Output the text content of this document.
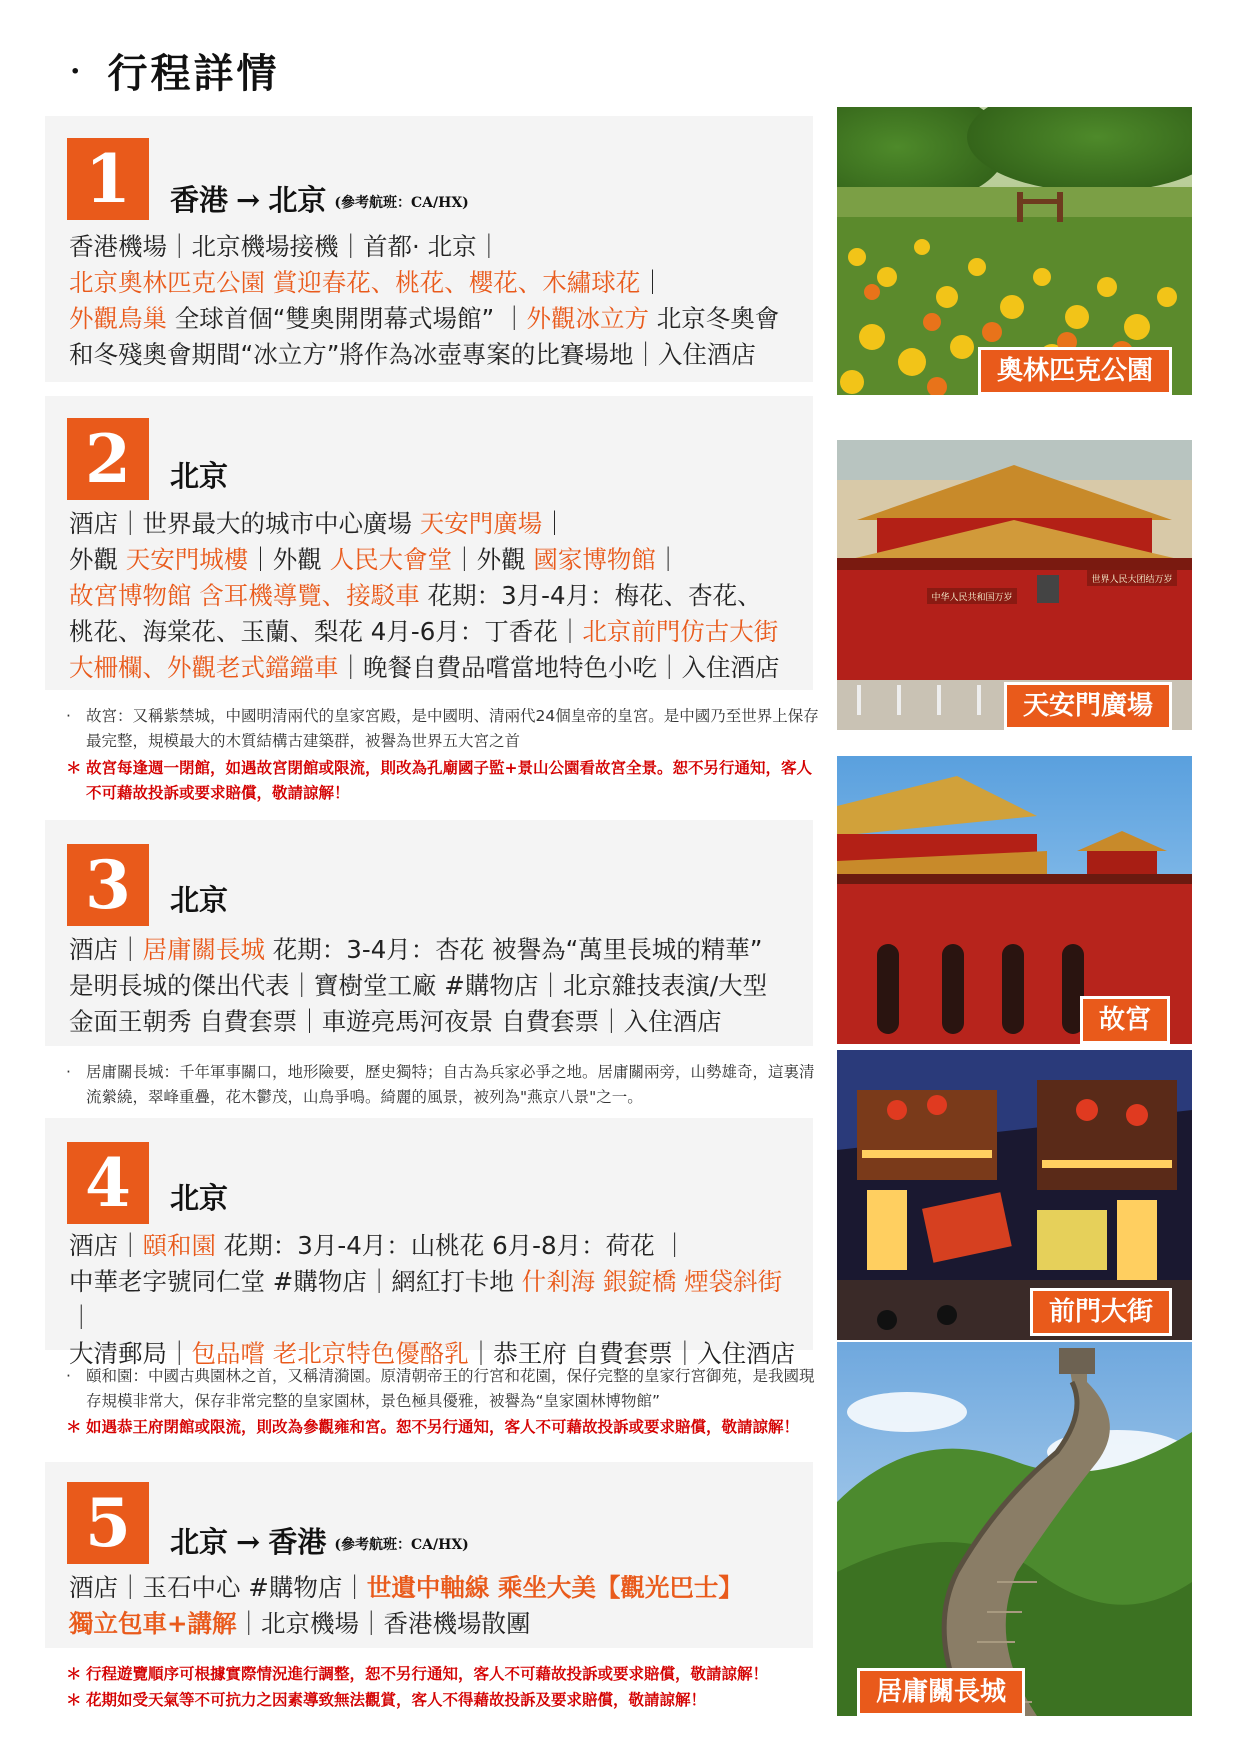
· 行程詳情
1	香港 → 北京 (參考航班：CA/HX)
香港機場｜北京機場接機｜首都· 北京｜
北京奧林匹克公園 賞迎春花、桃花、櫻花、木繡球花｜
外觀鳥巢 全球首個“雙奧開閉幕式場館” ｜外觀冰立方 北京冬奧會
和冬殘奧會期間“冰立方”將作為冰壺專案的比賽場地｜入住酒店
2	北京
酒店｜世界最大的城市中心廣場 天安門廣場｜
外觀 天安門城樓｜外觀 人民大會堂｜外觀 國家博物館｜
故宮博物館 含耳機導覽、接駁車 花期：3月-4月：梅花、杏花、
桃花、海棠花、玉蘭、梨花 4月-6月：丁香花｜北京前門仿古大街
大柵欄、外觀老式鐺鐺車｜晚餐自費品嚐當地特色小吃｜入住酒店
· 故宮：又稱紫禁城，中國明清兩代的皇家宮殿，是中國明、清兩代24個皇帝的皇宮。是中國乃至世界上保存最完整，規模最大的木質結構古建築群，被譽為世界五大宮之首
＊ 故宮每逢週一閉館，如遇故宮閉館或限流，則改為孔廟國子監+景山公園看故宮全景。恕不另行通知，客人不可藉故投訴或要求賠償，敬請諒解！
3	北京
酒店｜居庸關長城 花期：3-4月：杏花 被譽為“萬里長城的精華”
是明長城的傑出代表｜寶樹堂工廠 #購物店｜北京雜技表演/大型
金面王朝秀 自費套票｜車遊亮馬河夜景 自費套票｜入住酒店
· 居庸關長城：千年軍事關口，地形險要，歷史獨特；自古為兵家必爭之地。居庸關兩旁，山勢雄奇，這裏清流縈繞，翠峰重疊，花木鬱茂，山鳥爭鳴。綺麗的風景，被列為"燕京八景"之一。
4	北京
酒店｜頤和園 花期：3月-4月：山桃花 6月-8月：荷花 ｜
中華老字號同仁堂 #購物店｜網紅打卡地 什剎海 銀錠橋 煙袋斜街｜
大清郵局｜包品嚐 老北京特色優酪乳｜恭王府 自費套票｜入住酒店
· 頤和園：中國古典園林之首，又稱清漪園。原清朝帝王的行宮和花園，保仔完整的皇家行宮御苑，是我國現存規模非常大，保存非常完整的皇家園林，景色極具優雅，被譽為“皇家園林博物館”
＊ 如遇恭王府閉館或限流，則改為參觀雍和宮。恕不另行通知，客人不可藉故投訴或要求賠償，敬請諒解！
5	北京 → 香港 (參考航班：CA/HX)
酒店｜玉石中心 #購物店｜世遺中軸線 乘坐大美【觀光巴士】
獨立包車+講解｜北京機場｜香港機場散團
＊ 行程遊覽順序可根據實際情況進行調整，恕不另行通知，客人不可藉故投訴或要求賠償，敬請諒解！
＊ 花期如受天氣等不可抗力之因素導致無法觀賞，客人不得藉故投訴及要求賠償，敬請諒解！
奧林匹克公園
中华人民共和国万岁
世界人民大团结万岁
天安門廣場
故宮
前門大街
居庸關長城
